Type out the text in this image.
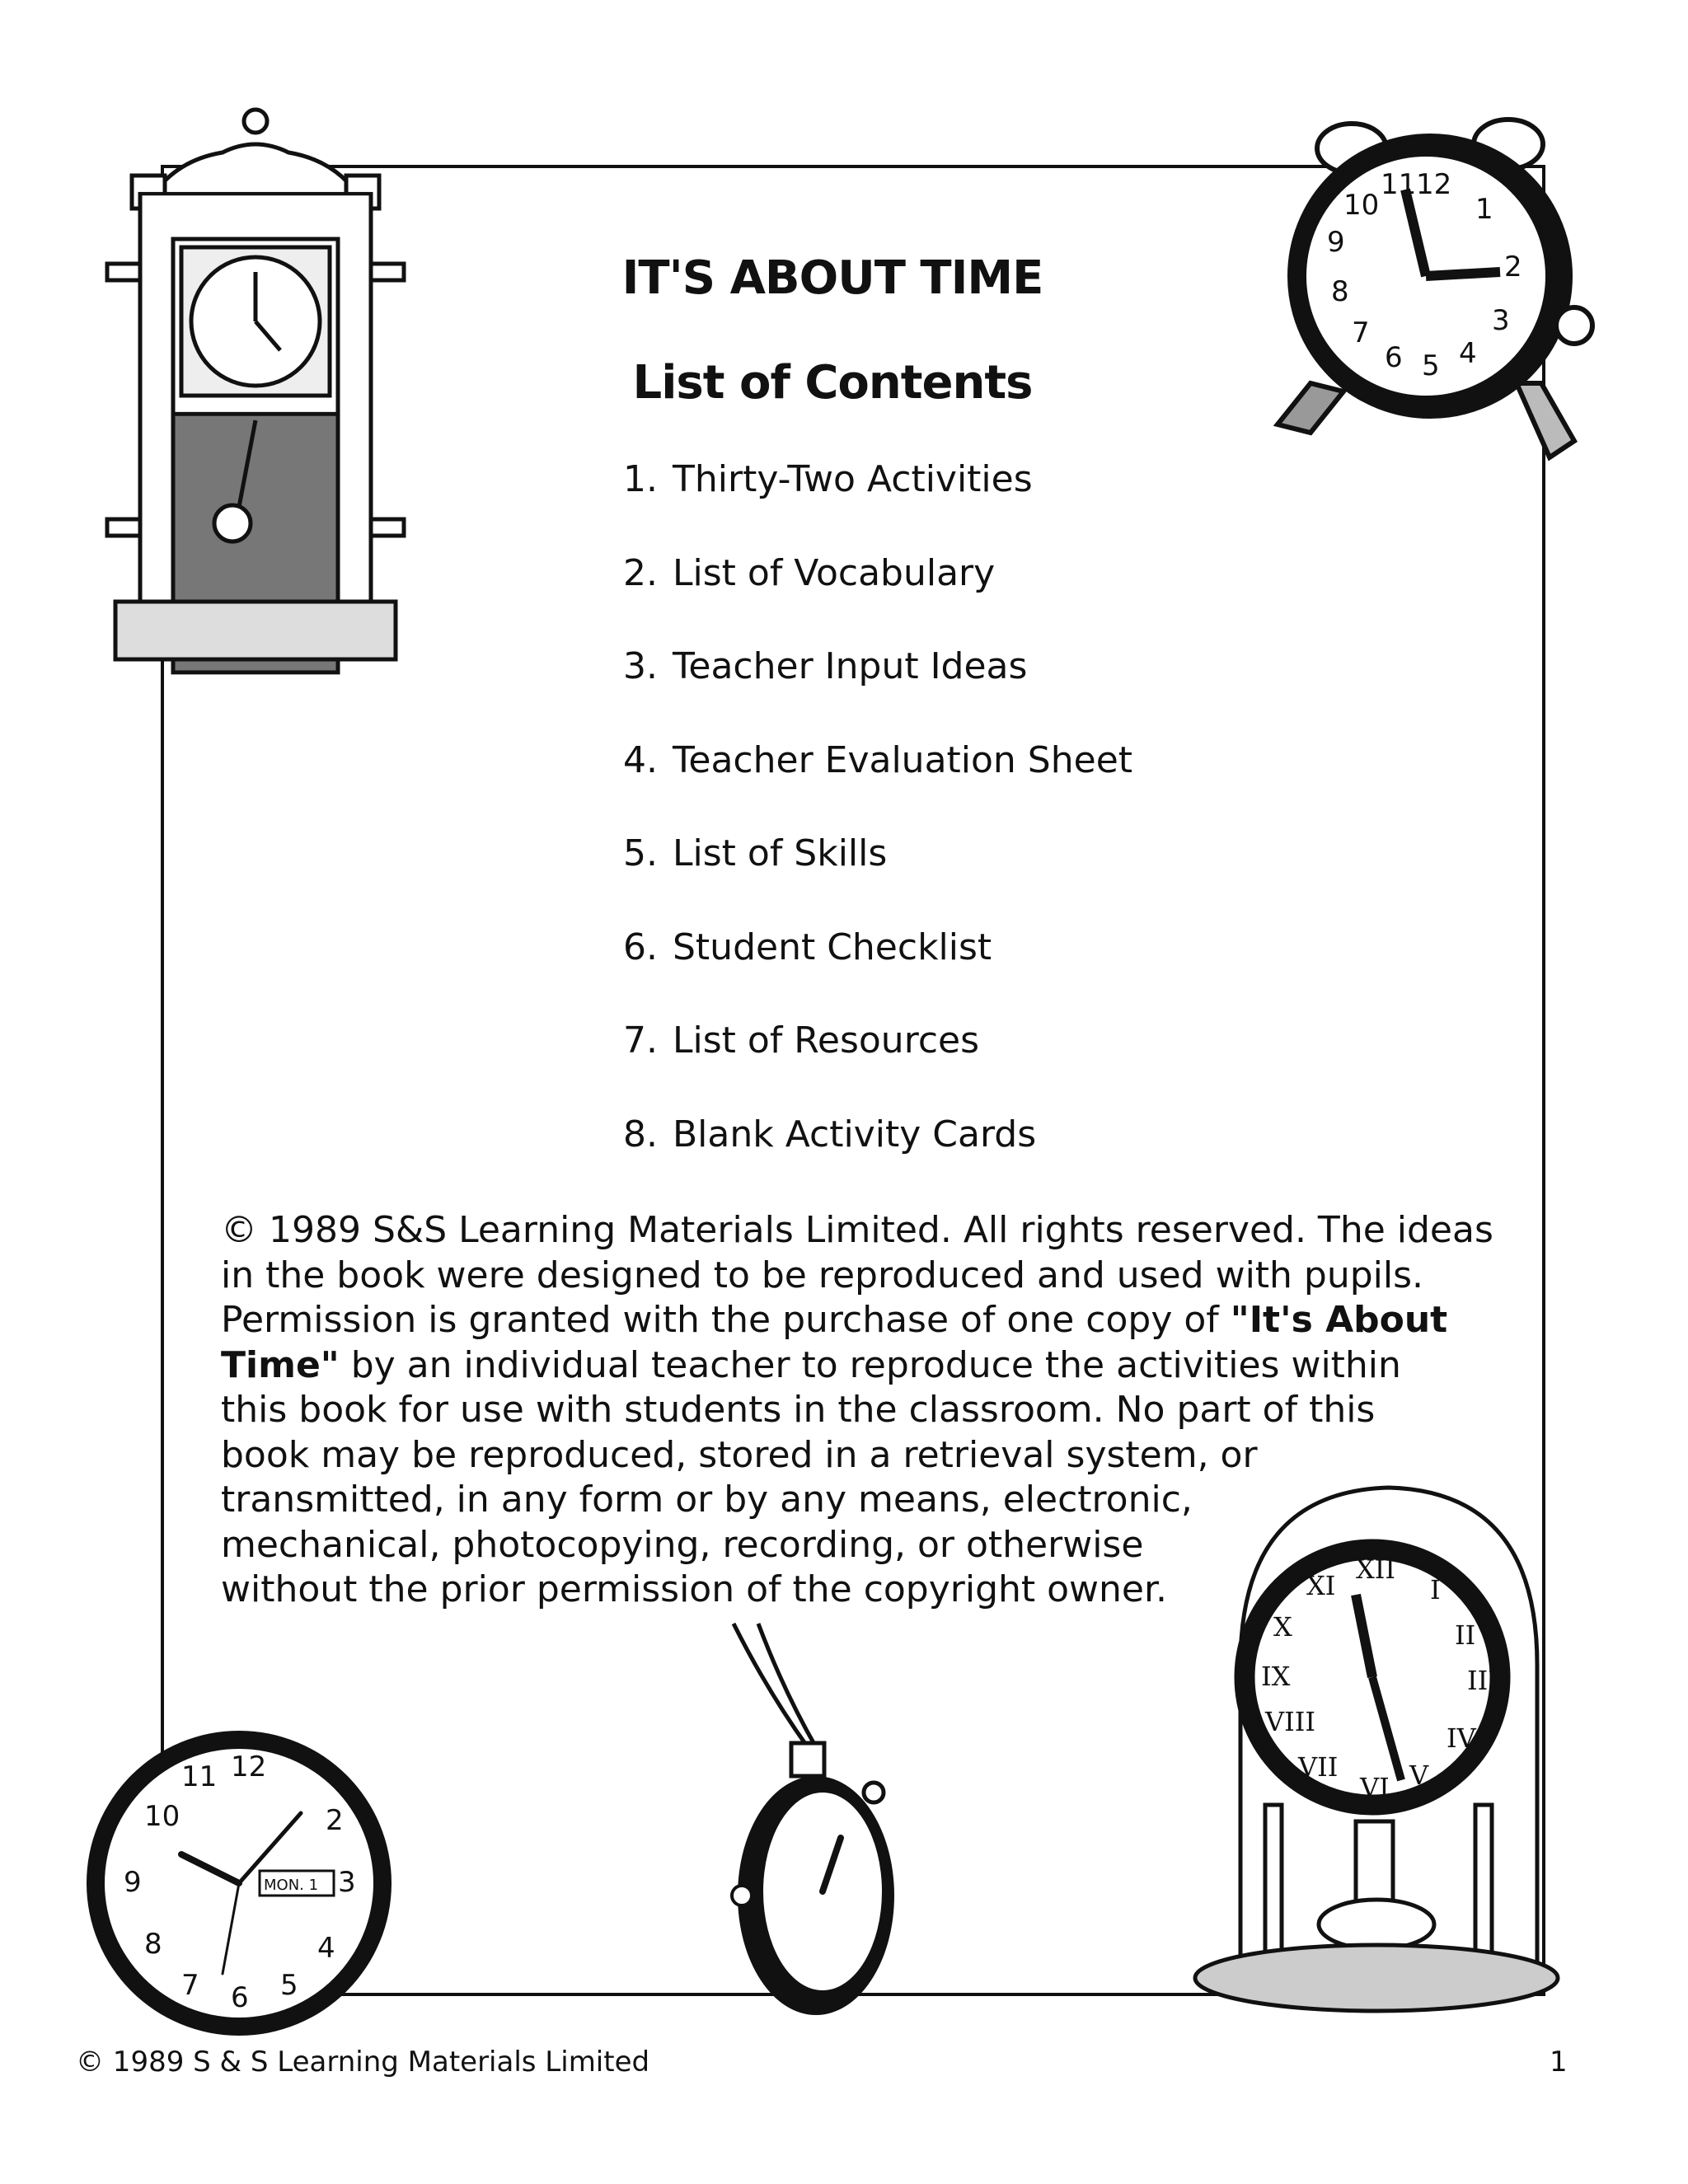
IT'S ABOUT TIME
List of Contents
1. Thirty-Two Activities
2. List of Vocabulary
3. Teacher Input Ideas
4. Teacher Evaluation Sheet
5. List of Skills
6. Student Checklist
7. List of Resources
8. Blank Activity Cards
© 1989 S&S Learning Materials Limited. All rights reserved. The ideas
in the book were designed to be reproduced and used with pupils.
Permission is granted with the purchase of one copy of "It's About
Time" by an individual teacher to reproduce the activities within
this book for use with students in the classroom. No part of this
book may be reproduced, stored in a retrieval system, or
transmitted, in any form or by any means, electronic,
mechanical, photocopying, recording, or otherwise
without the prior permission of the copyright owner.
© 1989 S & S Learning Materials Limited	1
12
1
2
3
4
5
6
7
8
9
10
11
MON. 1
12
11
10
9
8
7 6 5
4
3
2
XII
I
II
III
IV
V
VI
VII
VIII
IX
X
XI
